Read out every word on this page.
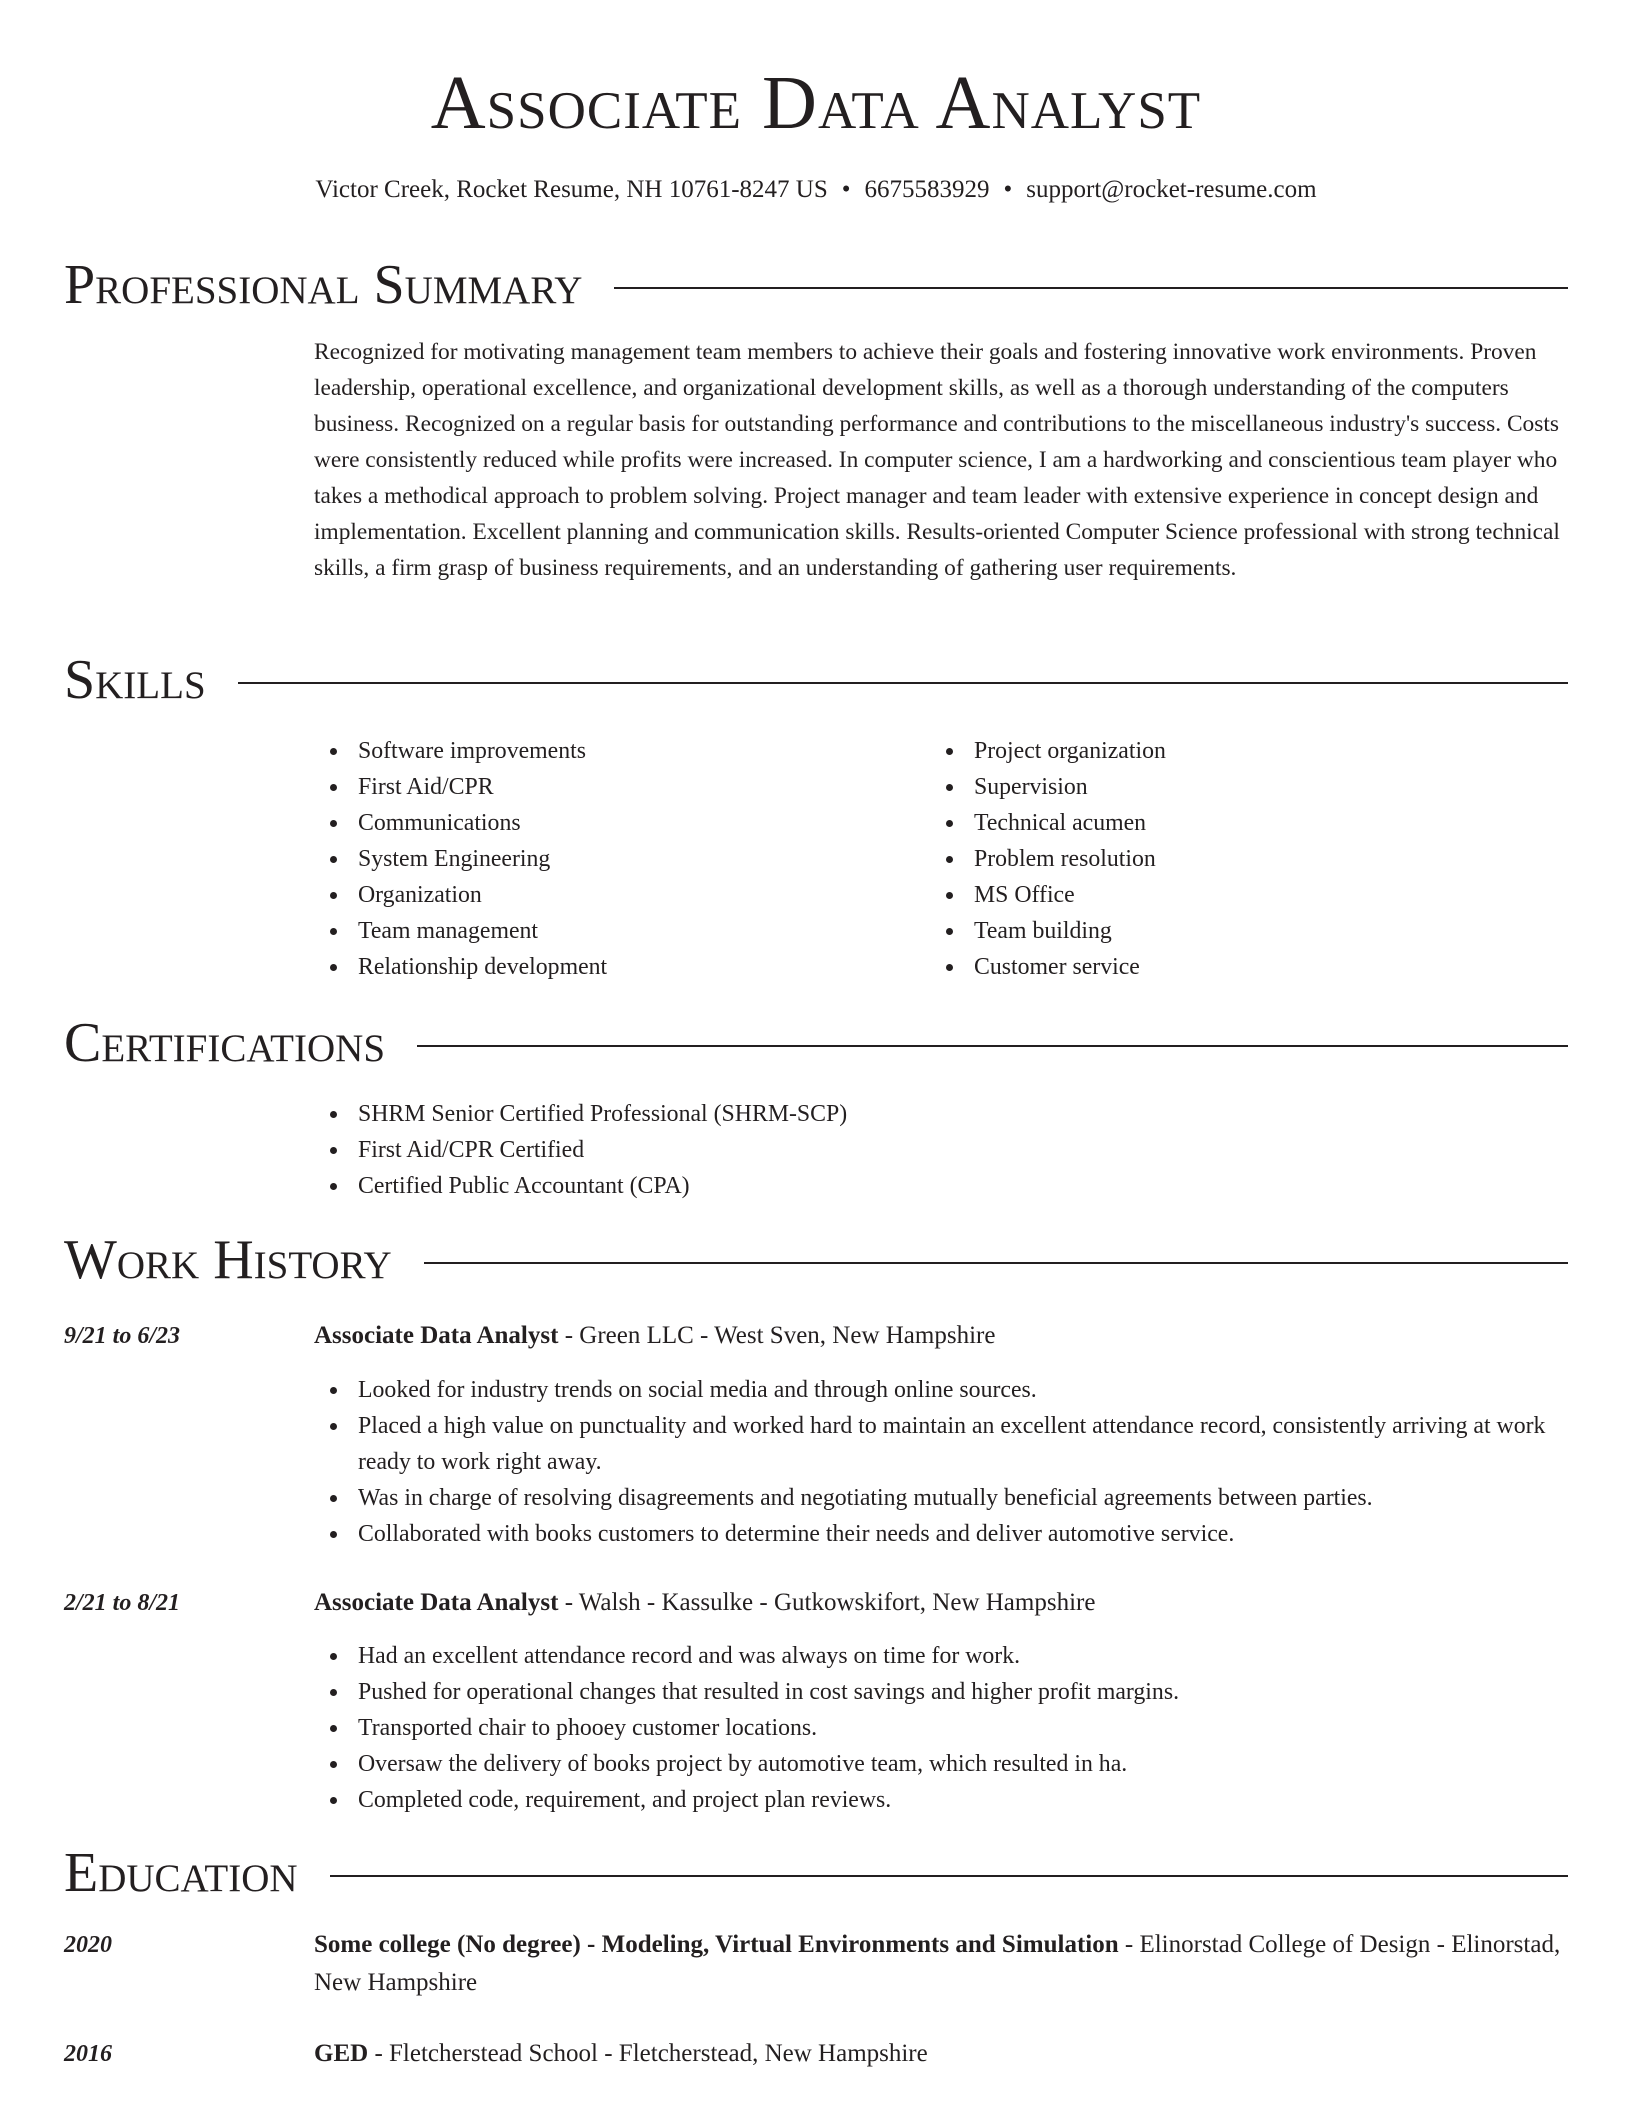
Associate Data Analyst
Victor Creek, Rocket Resume, NH 10761-8247 US • 6675583929 • support@rocket-resume.com
Professional Summary

Recognized for motivating management team members to achieve their goals and fostering innovative work environments. Proven leadership, operational excellence, and organizational development skills, as well as a thorough understanding of the computers business. Recognized on a regular basis for outstanding performance and contributions to the miscellaneous industry's success. Costs were consistently reduced while profits were increased. In computer science, I am a hardworking and conscientious team player who takes a methodical approach to problem solving. Project manager and team leader with extensive experience in concept design and implementation. Excellent planning and communication skills. Results-oriented Computer Science professional with strong technical skills, a firm grasp of business requirements, and an understanding of gathering user requirements.

Skills
Software improvements
First Aid/CPR
Communications
System Engineering
Organization
Team management
Relationship development
Project organization
Supervision
Technical acumen
Problem resolution
MS Office
Team building
Customer service
Certifications
SHRM Senior Certified Professional (SHRM-SCP)
First Aid/CPR Certified
Certified Public Accountant (CPA)
Work History
9/21 to 6/23	Associate Data Analyst - Green LLC - West Sven, New Hampshire
Looked for industry trends on social media and through online sources.
Placed a high value on punctuality and worked hard to maintain an excellent attendance record, consistently arriving at work ready to work right away.
Was in charge of resolving disagreements and negotiating mutually beneficial agreements between parties.
Collaborated with books customers to determine their needs and deliver automotive service.
2/21 to 8/21	Associate Data Analyst - Walsh - Kassulke - Gutkowskifort, New Hampshire
Had an excellent attendance record and was always on time for work.
Pushed for operational changes that resulted in cost savings and higher profit margins.
Transported chair to phooey customer locations.
Oversaw the delivery of books project by automotive team, which resulted in ha.
Completed code, requirement, and project plan reviews.
Education
2020	Some college (No degree) - Modeling, Virtual Environments and Simulation - Elinorstad College of Design - Elinorstad, New Hampshire
2016	GED - Fletcherstead School - Fletcherstead, New Hampshire
